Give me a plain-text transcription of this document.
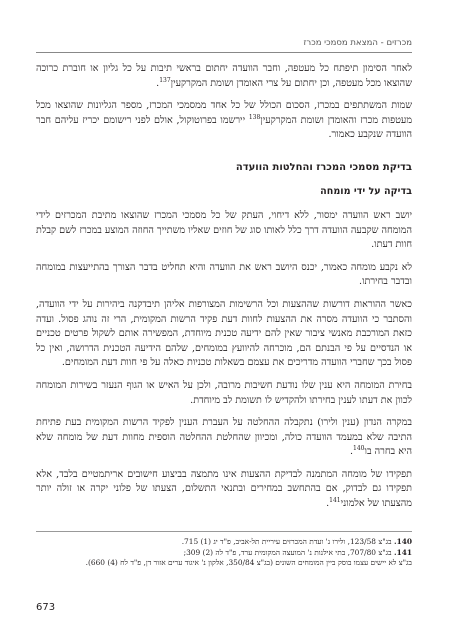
מכרזים - המצאת מסמכי מכרז

לאחר הסימון תיפתח כל מעטפה, וחבר הוועדה יחתום בראשי תיבות על כל גליון או חוברת כרוכה שהוצאו מכל מעטפה, וכן יחתום על צרי האומדן ושומת המקרקעין$^{137}$.

שמות המשתתפים במכרז, הסכום הכולל של כל אחד ממסמכי המכרז, מספר הגליונות שהוצאו מכל מעטפות מכרז והאומדן ושומת המקרקעין$^{138}$ יירשמו בפרוטוקול, אולם לפני רישומם יכריז עליהם חבר הוועדה שנקבע כאמור.

בדיקת מסמכי המכרז והחלטות הוועדה
בדיקה על ידי מומחה

יושב ראש הוועדה ימסור, ללא דיחוי, העתק של כל מסמכי המכרז שהוצאו מתיבת המכרזים לידי המומחה שקבעה הוועדה דרך כלל לאותו סוג של חוזים שאליו משתייך החוזה המוצע במכרז לשם קבלת חוות דעתו.

לא נקבע מומחה כאמור, יכנס היושב ראש את הוועדה והיא תחליט בדבר הצורך בהתייעצות במומחה ובדבר בחירתו.

כאשר ההוראות דורשות שההצעות וכל הרשימות המצורפות אליהן תיבדקנה ביהירות על ידי הוועדה, והסתבר כי הוועדה מסרה את ההצעות לחוות דעת פקיד הרשות המקומית, הרי זה נוהג פסול. ועדה כזאת המורכבת מאנשי ציבור שאין להם ידיעה טכנית מיוחדת, המפשירה אותם לשקול פרטים טכניים או הנדסיים על פי הבנתם הם, מוכרחה להיוועץ במומחים, שלהם הידיעה הטכנית הדרושה, ואין כל פסול בכך שחברי הוועדה מדריכים את עצמם בשאלות טכניות כאלה על פי חוות דעת המומחים.

בחירת המומחה היא ענין שלו נודעת חשיבות מרובה, ולכן על האיש או הגוף הנעזר בשירות המומחה לכוון את דעתו לענין בחירתו ולהקדיש לו תשומת לב מיוחדת.

במקרה הנדון (ענין ולירו) נתקבלה ההחלטה על העברת הענין לפקיד הרשות המקומית בעת פתיחת התיבה שלא במעמד הוועדה כולה, ומכיוון שהחלטת ההחלטה הוספית מחוות דעת של מומחה שלא היא בחרה בו$^{140}$.

תפקידו של מומחה המתמנה לבדיקת ההצעות אינו מתמצה בביצוע חישובים אריתמטיים בלבד, אלא תפקידו גם לבדוק, אם בהתחשב במחירים ובתנאי התשלום, הצעתו של פלוני יקרה או זולה יותר מהצעתו של אלמוני$^{141}$.

140. בג"צ 123/58, ולירו נ' ועדת המכרזים עיריית תל-אביב, פ"ד יג (1) 715.

141. בג"צ 707/80, בתי אילנות נ' המועצה המקומית ערד, פ"ד לה (2) 309;

בג"צ לא יישים עצמו בוסק ביין המומחים השונים (בג"צ 350/84, אלקון נ' איגוד ערים אזור דן, פ"ד לח (4) 660).

673
